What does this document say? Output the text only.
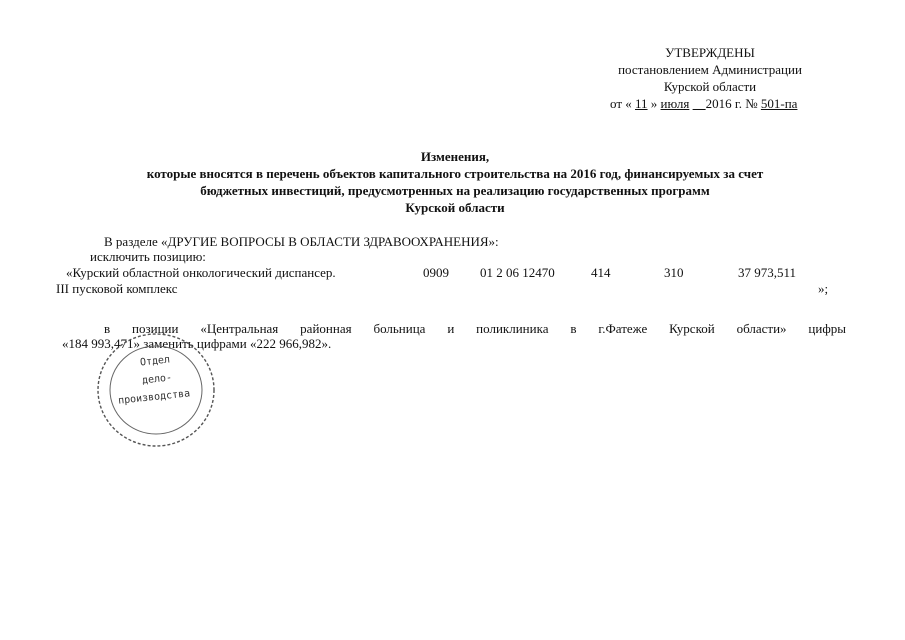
УТВЕРЖДЕНЫ
постановлением Администрации
Курской области
от « 11 » июля 2016 г. № 501-па
Изменения,
которые вносятся в перечень объектов капитального строительства на 2016 год, финансируемых за счет
бюджетных инвестиций, предусмотренных на реализацию государственных программ
Курской области
В разделе «ДРУГИЕ ВОПРОСЫ В ОБЛАСТИ ЗДРАВООХРАНЕНИЯ»:
исключить позицию:
«Курский областной онкологический диспансер.	0909 01 2 06 12470	414	310	37 973,511
III пусковой комплекс	»;
в позиции «Центральная районная больница и поликлиника в г.Фатеже Курской области» цифры
«184 993,471» заменить цифрами «222 966,982».
Отдел
дело-
производства
